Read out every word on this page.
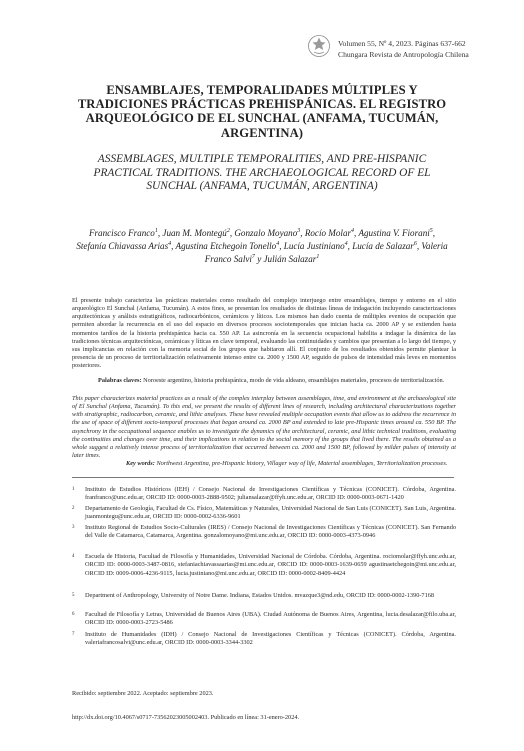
Volumen 55, Nº 4, 2023. Páginas 637-662
Chungara Revista de Antropología Chilena
ENSAMBLAJES, TEMPORALIDADES MÚLTIPLES Y TRADICIONES PRÁCTICAS PREHISPÁNICAS. EL REGISTRO ARQUEOLÓGICO DE EL SUNCHAL (ANFAMA, TUCUMÁN, ARGENTINA)
ASSEMBLAGES, MULTIPLE TEMPORALITIES, AND PRE-HISPANIC PRACTICAL TRADITIONS. THE ARCHAEOLOGICAL RECORD OF EL SUNCHAL (ANFAMA, TUCUMÁN, ARGENTINA)
Francisco Franco$^1$, Juan M. Montegú$^2$, Gonzalo Moyano$^3$, Rocío Molar$^4$, Agustina V. Fiorani$^5$, Stefanía Chiavassa Arias$^4$, Agustina Etchegoin Tonello$^4$, Lucía Justiniano$^4$, Lucía de Salazar$^6$, Valeria Franco Salvi$^7$ y Julián Salazar$^1$
El presente trabajo caracteriza las prácticas materiales como resultado del complejo interjuego entre ensamblajes, tiempo y entorno en el sitio arqueológico El Sunchal (Anfama, Tucumán). A estos fines, se presentan los resultados de distintas líneas de indagación incluyendo caracterizaciones arquitectónicas y análisis estratigráficos, radiocarbónicos, cerámicos y líticos. Los mismos han dado cuenta de múltiples eventos de ocupación que permiten abordar la recurrencia en el uso del espacio en diversos procesos sociotemporales que inician hacia ca. 2000 AP y se extienden hasta momentos tardíos de la historia prehispánica hacia ca. 550 AP. La asincronía en la secuencia ocupacional habilita a indagar la dinámica de las tradiciones técnicas arquitectónicas, cerámicas y líticas en clave temporal, evaluando las continuidades y cambios que presentan a lo largo del tiempo, y sus implicancias en relación con la memoria social de los grupos que habitaron allí. El conjunto de los resultados obtenidos permite plantear la presencia de un proceso de territorialización relativamente intenso entre ca. 2000 y 1500 AP, seguido de pulsos de intensidad más leves en momentos posteriores.
Palabras claves: Noroeste argentino, historia prehispánica, modo de vida aldeano, ensamblajes materiales, procesos de territorialización.
This paper characterizes material practices as a result of the complex interplay between assemblages, time, and environment at the archaeological site of El Sunchal (Anfama, Tucumán). To this end, we present the results of different lines of research, including architectural characterizations together with stratigraphic, radiocarbon, ceramic, and lithic analyses. These have revealed multiple occupation events that allow us to address the recurrence in the use of space of different socio-temporal processes that began around ca. 2000 BP and extended to late pre-Hispanic times around ca. 550 BP. The asynchrony in the occupational sequence enables us to investigate the dynamics of the architectural, ceramic, and lithic technical traditions, evaluating the continuities and changes over time, and their implications in relation to the social memory of the groups that lived there. The results obtained as a whole suggest a relatively intense process of territorialization that occurred between ca. 2000 and 1500 BP, followed by milder pulses of intensity at later times.
Key words: Northwest Argentina, pre-Hispanic history, Villager way of life, Material assemblages, Territorialization processes.
1 Instituto de Estudios Históricos (IEH) / Consejo Nacional de Investigaciones Científicas y Técnicas (CONICET). Córdoba, Argentina. franfranco@unc.edu.ar, ORCID ID: 0000-0003-2888-9502; juliansalazar@ffyh.unc.edu.ar, ORCID ID: 0000-0003-0671-1420
2 Departamento de Geología, Facultad de Cs. Físico, Matemáticas y Naturales, Universidad Nacional de San Luis (CONICET). San Luis, Argentina. juanmontegu@unc.edu.ar, ORCID ID: 0000-0002-6336-9601
3 Instituto Regional de Estudios Socio-Culturales (IRES) / Consejo Nacional de Investigaciones Científicas y Técnicas (CONICET). San Fernando del Valle de Catamarca, Catamarca, Argentina. gonzalomoyano@mi.unc.edu.ar, ORCID ID: 0000-0003-4373-0946
4 Escuela de Historia, Facultad de Filosofía y Humanidades, Universidad Nacional de Córdoba. Córdoba, Argentina. rociomolar@ffyh.unc.edu.ar, ORCID ID: 0000-0003-3487-0816, stefaniachiavassaarias@mi.unc.edu.ar, ORCID ID: 0000-0003-1639-0659 agustinaetchegoin@mi.unc.edu.ar, ORCID ID: 0009-0006-4236-9115, lucia.justiniano@mi.unc.edu.ar, ORCID ID: 0000-0002-8409-4424
5 Department of Anthropology, University of Notre Dame. Indiana, Estados Unidos. mvazque3@nd.edu, ORCID ID: 0000-0002-1390-7168
6 Facultad de Filosofía y Letras, Universidad de Buenos Aires (UBA). Ciudad Autónoma de Buenos Aires, Argentina, lucia.desalazar@filo.uba.ar, ORCID ID: 0000-0003-2723-5486
7 Instituto de Humanidades (IDH) / Consejo Nacional de Investigaciones Científicas y Técnicas (CONICET). Córdoba, Argentina. valeriafrancosalvi@unc.edu.ar, ORCID ID: 0000-0003-3344-3302
Recibido: septiembre 2022. Aceptado: septiembre 2023.
http://dx.doi.org/10.4067/s0717-73562023005002403. Publicado en línea: 31-enero-2024.
